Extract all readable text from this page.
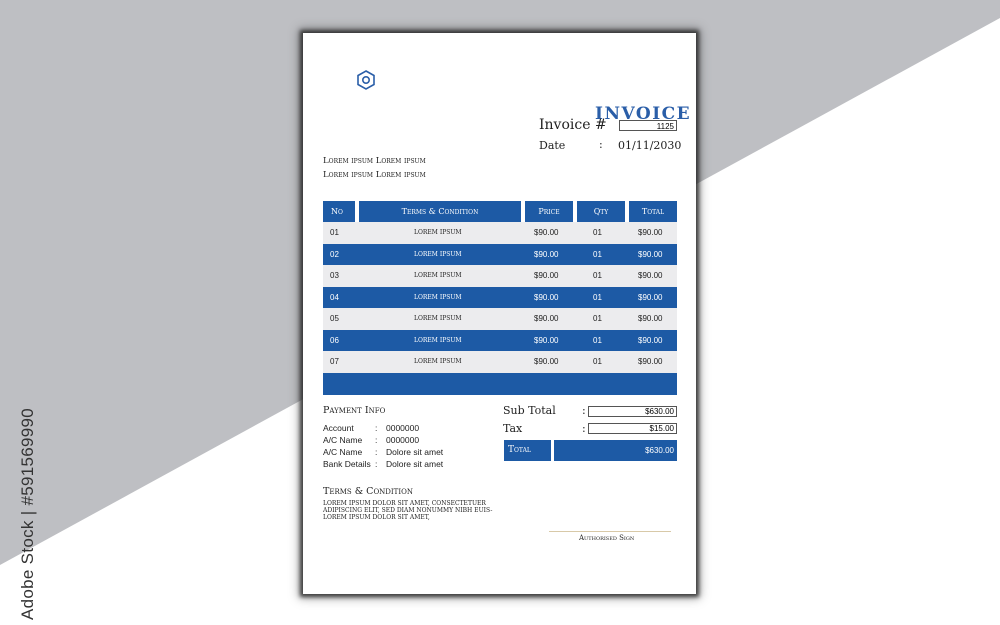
Adobe Stock | #591569990
INVOICE
Invoice #	1125
Date	: 01/11/2030
Lorem ipsum Lorem ipsum
Lorem ipsum Lorem ipsum
No	Terms & Condition	Price	Qty	Total
01	LOREM IPSUM	$90.00	01	$90.00
02	LOREM IPSUM	$90.00	01	$90.00
03	LOREM IPSUM	$90.00	01	$90.00
04	LOREM IPSUM	$90.00	01	$90.00
05	LOREM IPSUM	$90.00	01	$90.00
06	LOREM IPSUM	$90.00	01	$90.00
07	LOREM IPSUM	$90.00	01	$90.00
Payment Info
Account	: 0000000
A/C Name : 0000000
A/C Name : Dolore sit amet
Bank Details : Dolore sit amet
Sub Total :	$630.00
Tax	:	$15.00
Total	$630.00
Terms & Condition
LOREM IPSUM DOLOR SIT AMET, CONSECTETUER ADIPISCING ELIT, SED DIAM NONUMMY NIBH EUIS- LOREM IPSUM DOLOR SIT AMET,
Authorised Sign
